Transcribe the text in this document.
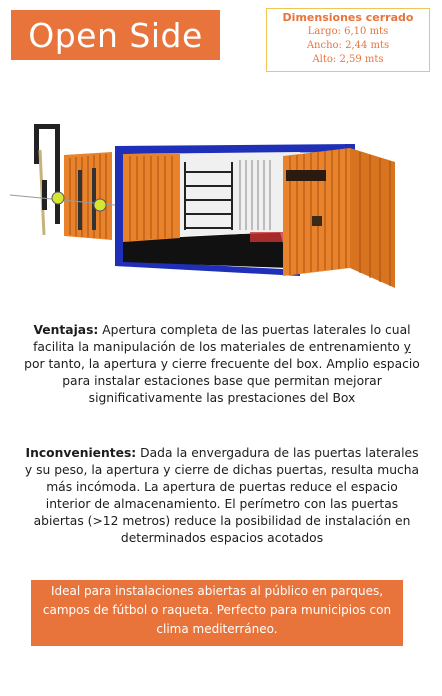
Open Side	Dimensiones cerrado
Largo: 6,10 mts
Ancho: 2,44 mts
Alto: 2,59 mts
Ventajas: Apertura completa de las puertas laterales lo cual facilita la manipulación de los materiales de entrenamiento y por tanto, la apertura y cierre frecuente del box. Amplio espacio para instalar estaciones base que permitan mejorar significativamente las prestaciones del Box
Inconvenientes: Dada la envergadura de las puertas laterales y su peso, la apertura y cierre de dichas puertas, resulta mucha más incómoda. La apertura de puertas reduce el espacio interior de almacenamiento. El perímetro con las puertas abiertas (>12 metros) reduce la posibilidad de instalación en determinados espacios acotados
Ideal para instalaciones abiertas al público en parques, campos de fútbol o raqueta. Perfecto para municipios con clima mediterráneo.
